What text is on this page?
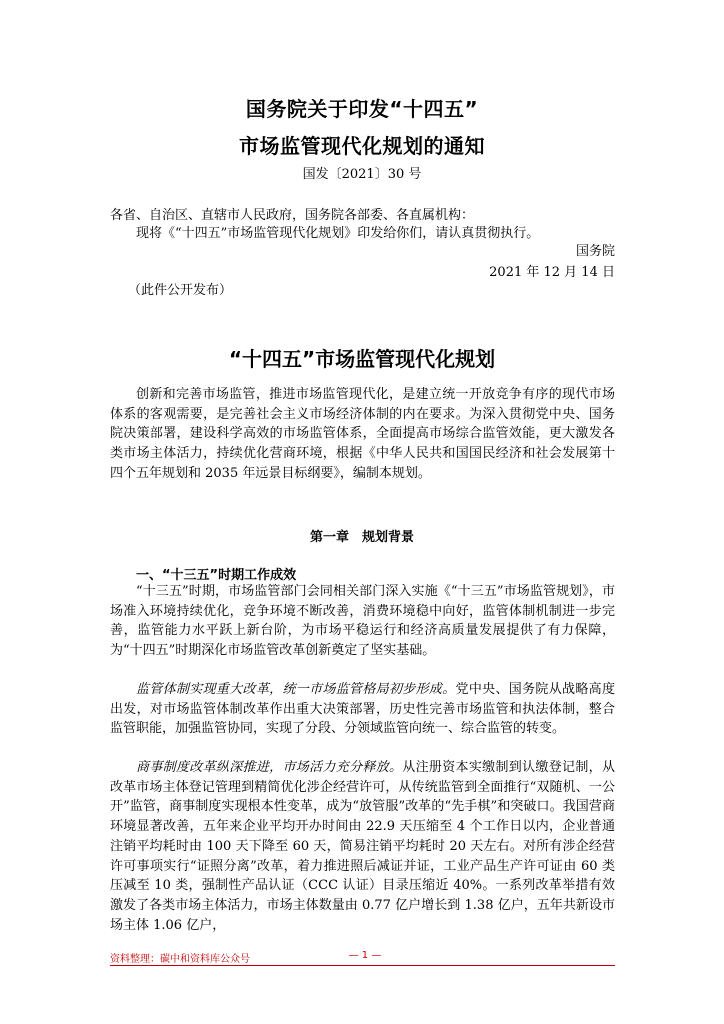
国务院关于印发“十四五”
市场监管现代化规划的通知
国发〔2021〕30 号
各省、自治区、直辖市人民政府，国务院各部委、各直属机构：
现将《“十四五”市场监管现代化规划》印发给你们，请认真贯彻执行。
国务院
2021 年 12 月 14 日
（此件公开发布）
“十四五”市场监管现代化规划
创新和完善市场监管，推进市场监管现代化，是建立统一开放竞争有序的现代市场体系的客观需要，是完善社会主义市场经济体制的内在要求。为深入贯彻党中央、国务院决策部署，建设科学高效的市场监管体系，全面提高市场综合监管效能，更大激发各类市场主体活力，持续优化营商环境，根据《中华人民共和国国民经济和社会发展第十四个五年规划和 2035 年远景目标纲要》，编制本规划。
第一章　规划背景
一、“十三五”时期工作成效
“十三五”时期，市场监管部门会同相关部门深入实施《“十三五”市场监管规划》，市场准入环境持续优化，竞争环境不断改善，消费环境稳中向好，监管体制机制进一步完善，监管能力水平跃上新台阶，为市场平稳运行和经济高质量发展提供了有力保障，为“十四五”时期深化市场监管改革创新奠定了坚实基础。
监管体制实现重大改革，统一市场监管格局初步形成。党中央、国务院从战略高度出发，对市场监管体制改革作出重大决策部署，历史性完善市场监管和执法体制，整合监管职能，加强监管协同，实现了分段、分领域监管向统一、综合监管的转变。
商事制度改革纵深推进，市场活力充分释放。从注册资本实缴制到认缴登记制，从改革市场主体登记管理到精简优化涉企经营许可，从传统监管到全面推行“双随机、一公开”监管，商事制度实现根本性变革，成为“放管服”改革的“先手棋”和突破口。我国营商环境显著改善，五年来企业平均开办时间由 22.9 天压缩至 4 个工作日以内，企业普通注销平均耗时由 100 天下降至 60 天，简易注销平均耗时 20 天左右。对所有涉企经营许可事项实行“证照分离”改革，着力推进照后减证并证，工业产品生产许可证由 60 类压减至 10 类，强制性产品认证（CCC 认证）目录压缩近 40%。一系列改革举措有效激发了各类市场主体活力，市场主体数量由 0.77 亿户增长到 1.38 亿户，五年共新设市场主体 1.06 亿户，
资料整理：碳中和资料库公众号	— 1 —
